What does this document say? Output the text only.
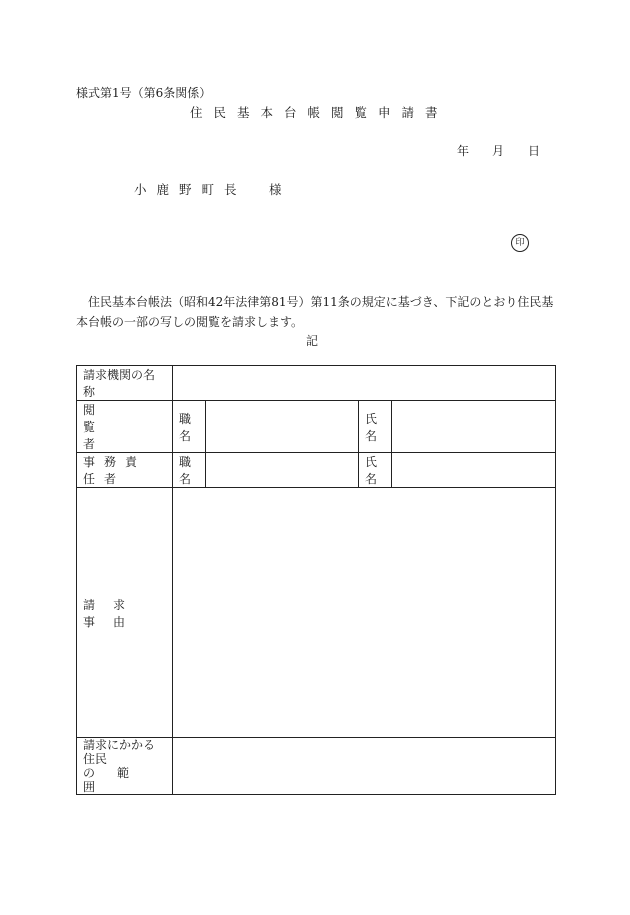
様式第1号（第6条関係）
住民基本台帳閲覧申請書
年 月 日
小鹿野町長　様
印
住民基本台帳法（昭和42年法律第81号）第11条の規定に基づき、下記のとおり住民基本台帳の一部の写しの閲覧を請求します。
記
請求機関の名称				

閲覧者	職名		氏名	
事務責任者	職名		氏名	
請求事由				

請求にかかる住民
の範囲				
